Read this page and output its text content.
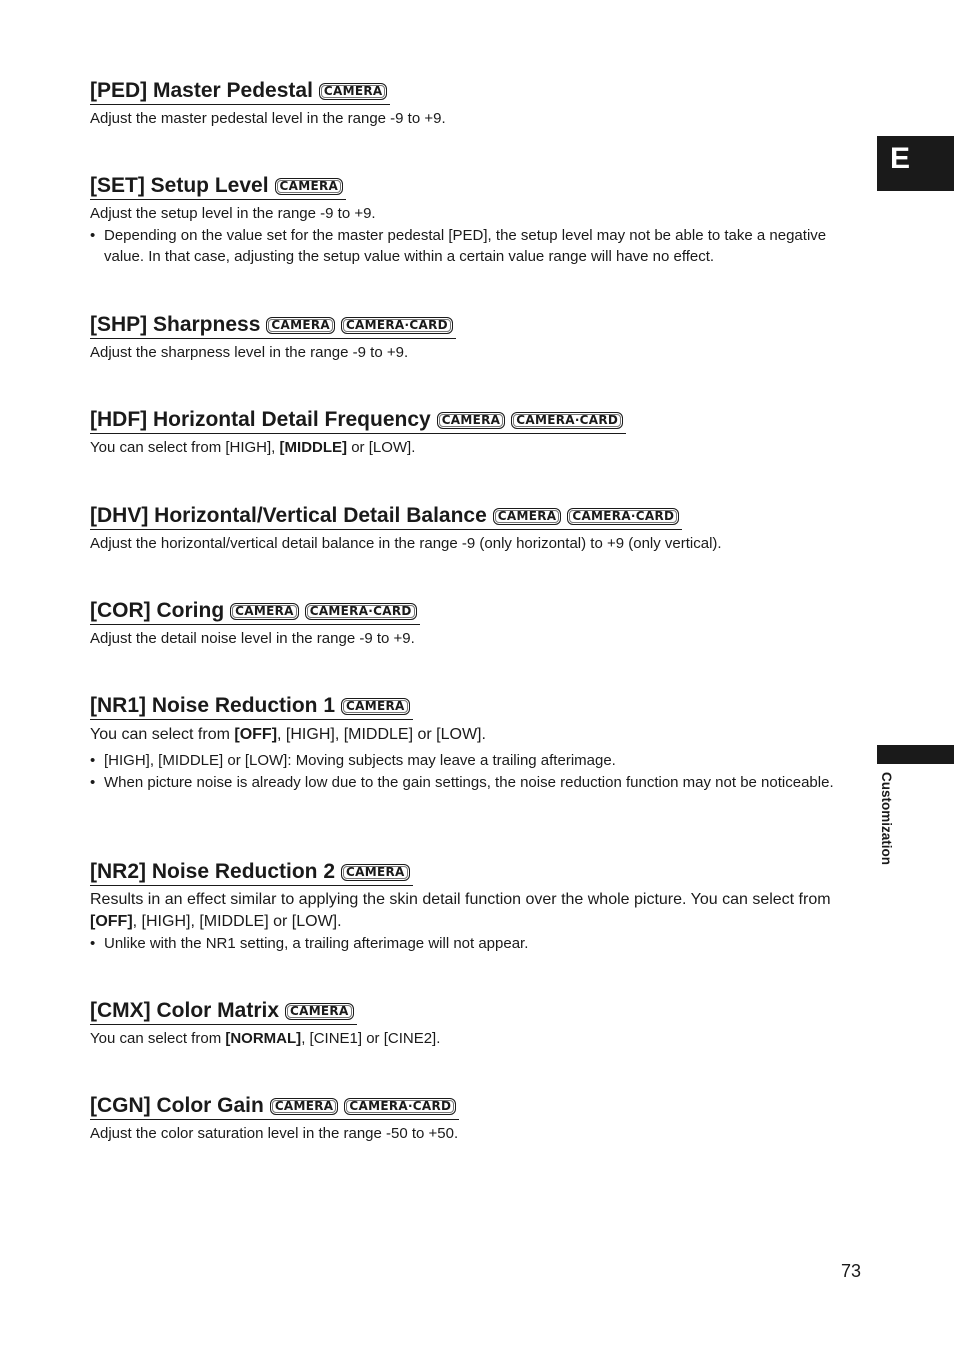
E
Customization
[PED] Master Pedestal CAMERA
Adjust the master pedestal level in the range -9 to +9.
[SET] Setup Level CAMERA
Adjust the setup level in the range -9 to +9.
• Depending on the value set for the master pedestal [PED], the setup level may not be able to take a negative value. In that case, adjusting the setup value within a certain value range will have no effect.
[SHP] Sharpness CAMERA CAMERA·CARD
Adjust the sharpness level in the range -9 to +9.
[HDF] Horizontal Detail Frequency CAMERA CAMERA·CARD
You can select from [HIGH], [MIDDLE] or [LOW].
[DHV] Horizontal/Vertical Detail Balance CAMERA CAMERA·CARD
Adjust the horizontal/vertical detail balance in the range -9 (only horizontal) to +9 (only vertical).
[COR] Coring CAMERA CAMERA·CARD
Adjust the detail noise level in the range -9 to +9.
[NR1] Noise Reduction 1 CAMERA
You can select from [OFF], [HIGH], [MIDDLE] or [LOW].
• [HIGH], [MIDDLE] or [LOW]: Moving subjects may leave a trailing afterimage.
• When picture noise is already low due to the gain settings, the noise reduction function may not be noticeable.
[NR2] Noise Reduction 2 CAMERA
Results in an effect similar to applying the skin detail function over the whole picture. You can select from [OFF], [HIGH], [MIDDLE] or [LOW].
• Unlike with the NR1 setting, a trailing afterimage will not appear.
[CMX] Color Matrix CAMERA
You can select from [NORMAL], [CINE1] or [CINE2].
[CGN] Color Gain CAMERA CAMERA·CARD
Adjust the color saturation level in the range -50 to +50.
73
